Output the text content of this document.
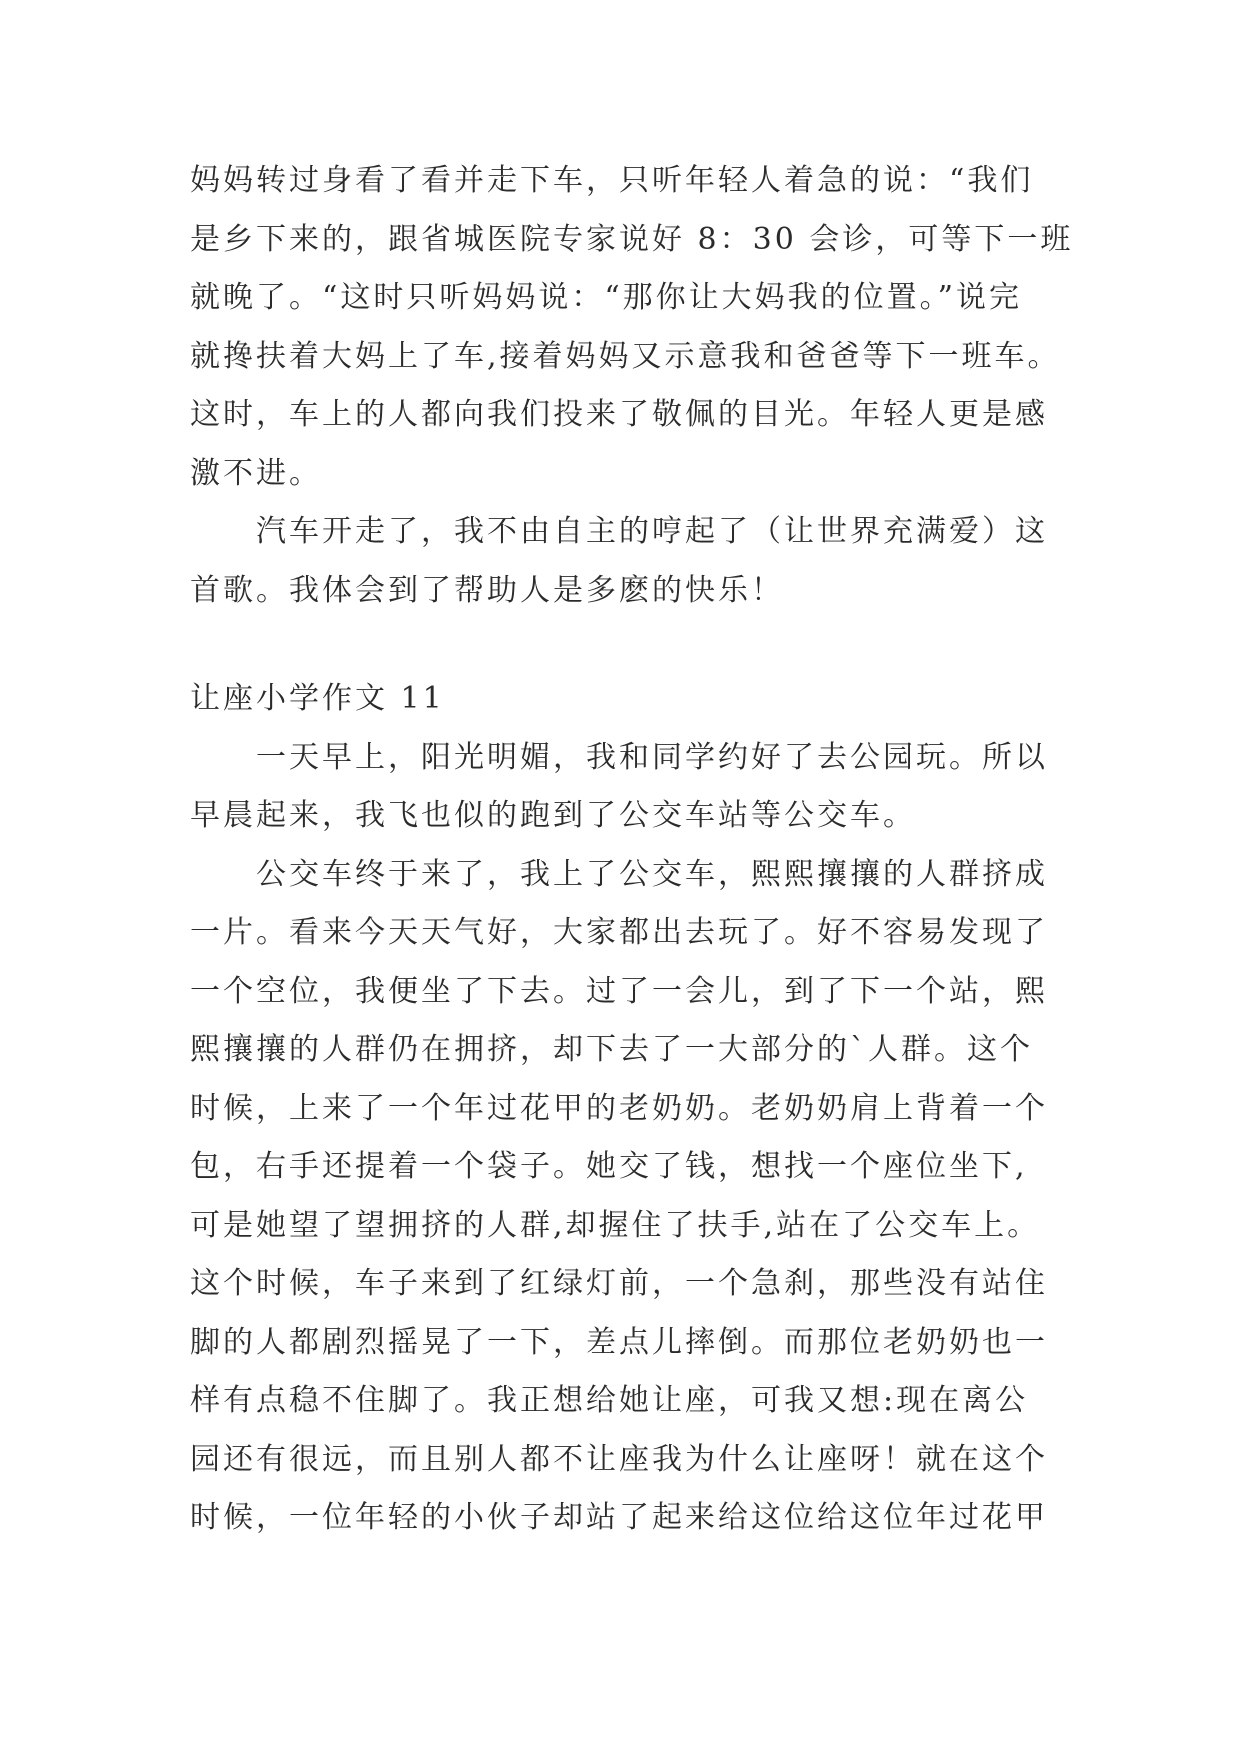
妈妈转过身看了看并走下车，只听年轻人着急的说：“我们
是乡下来的，跟省城医院专家说好 8：30 会诊，可等下一班
就晚了。“这时只听妈妈说：“那你让大妈我的位置。”说完
就搀扶着大妈上了车,接着妈妈又示意我和爸爸等下一班车。
这时，车上的人都向我们投来了敬佩的目光。年轻人更是感
激不进。
汽车开走了，我不由自主的哼起了（让世界充满爱）这
首歌。我体会到了帮助人是多麽的快乐！
让座小学作文 11
一天早上，阳光明媚，我和同学约好了去公园玩。所以
早晨起来，我飞也似的跑到了公交车站等公交车。
公交车终于来了，我上了公交车，熙熙攘攘的人群挤成
一片。看来今天天气好，大家都出去玩了。好不容易发现了
一个空位，我便坐了下去。过了一会儿，到了下一个站，熙
熙攘攘的人群仍在拥挤，却下去了一大部分的`人群。这个
时候，上来了一个年过花甲的老奶奶。老奶奶肩上背着一个
包，右手还提着一个袋子。她交了钱，想找一个座位坐下,
可是她望了望拥挤的人群,却握住了扶手,站在了公交车上。
这个时候，车子来到了红绿灯前，一个急刹，那些没有站住
脚的人都剧烈摇晃了一下，差点儿摔倒。而那位老奶奶也一
样有点稳不住脚了。我正想给她让座，可我又想:现在离公
园还有很远，而且别人都不让座我为什么让座呀！就在这个
时候，一位年轻的小伙子却站了起来给这位给这位年过花甲
